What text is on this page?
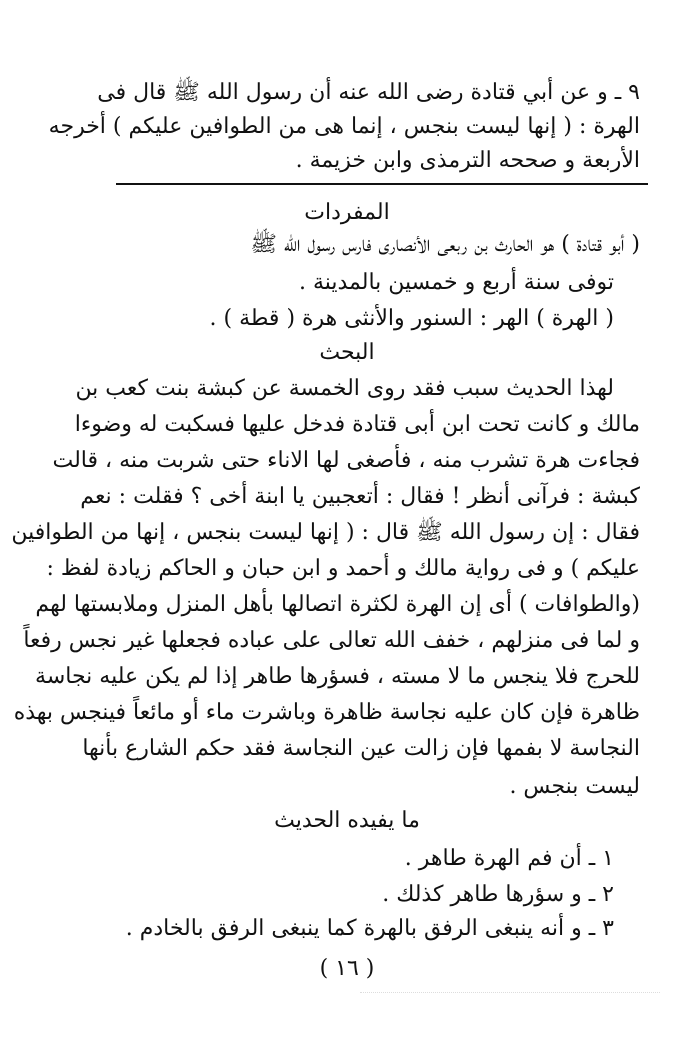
٩ ـ و عن أبي قتادة رضى الله عنه أن رسول الله ﷺ قال فى
الهرة : ( إنها ليست بنجس ، إنما هى من الطوافين عليكم ) أخرجه
الأربعة و صححه الترمذى وابن خزيمة .
المفردات
( أبو قتادة ) هو الحارث بن ربعى الأنصارى فارس رسول الله ﷺ
توفى سنة أربع و خمسين بالمدينة .
( الهرة ) الهر : السنور والأنثى هرة ( قطة ) .
البحث
لهذا الحديث سبب فقد روى الخمسة عن كبشة بنت كعب بن
مالك و كانت تحت ابن أبى قتادة فدخل عليها فسكبت له وضوءا
فجاءت هرة تشرب منه ، فأصغى لها الاناء حتى شربت منه ، قالت
كبشة : فرآنى أنظر ! فقال : أتعجبين يا ابنة أخى ؟ فقلت : نعم
فقال : إن رسول الله ﷺ قال : ( إنها ليست بنجس ، إنها من الطوافين
عليكم ) و فى رواية مالك و أحمد و ابن حبان و الحاكم زيادة لفظ :
(والطوافات ) أى إن الهرة لكثرة اتصالها بأهل المنزل وملابستها لهم
و لما فى منزلهم ، خفف الله تعالى على عباده فجعلها غير نجس رفعاً
للحرج فلا ينجس ما لا مسته ، فسؤرها طاهر إذا لم يكن عليه نجاسة
ظاهرة فإن كان عليه نجاسة ظاهرة وباشرت ماء أو مائعاً فينجس بهذه
النجاسة لا بفمها فإن زالت عين النجاسة فقد حكم الشارع بأنها
ليست بنجس .
ما يفيده الحديث
١ ـ أن فم الهرة طاهر .
٢ ـ و سؤرها طاهر كذلك .
٣ ـ و أنه ينبغى الرفق بالهرة كما ينبغى الرفق بالخادم .
( ١٦ )
